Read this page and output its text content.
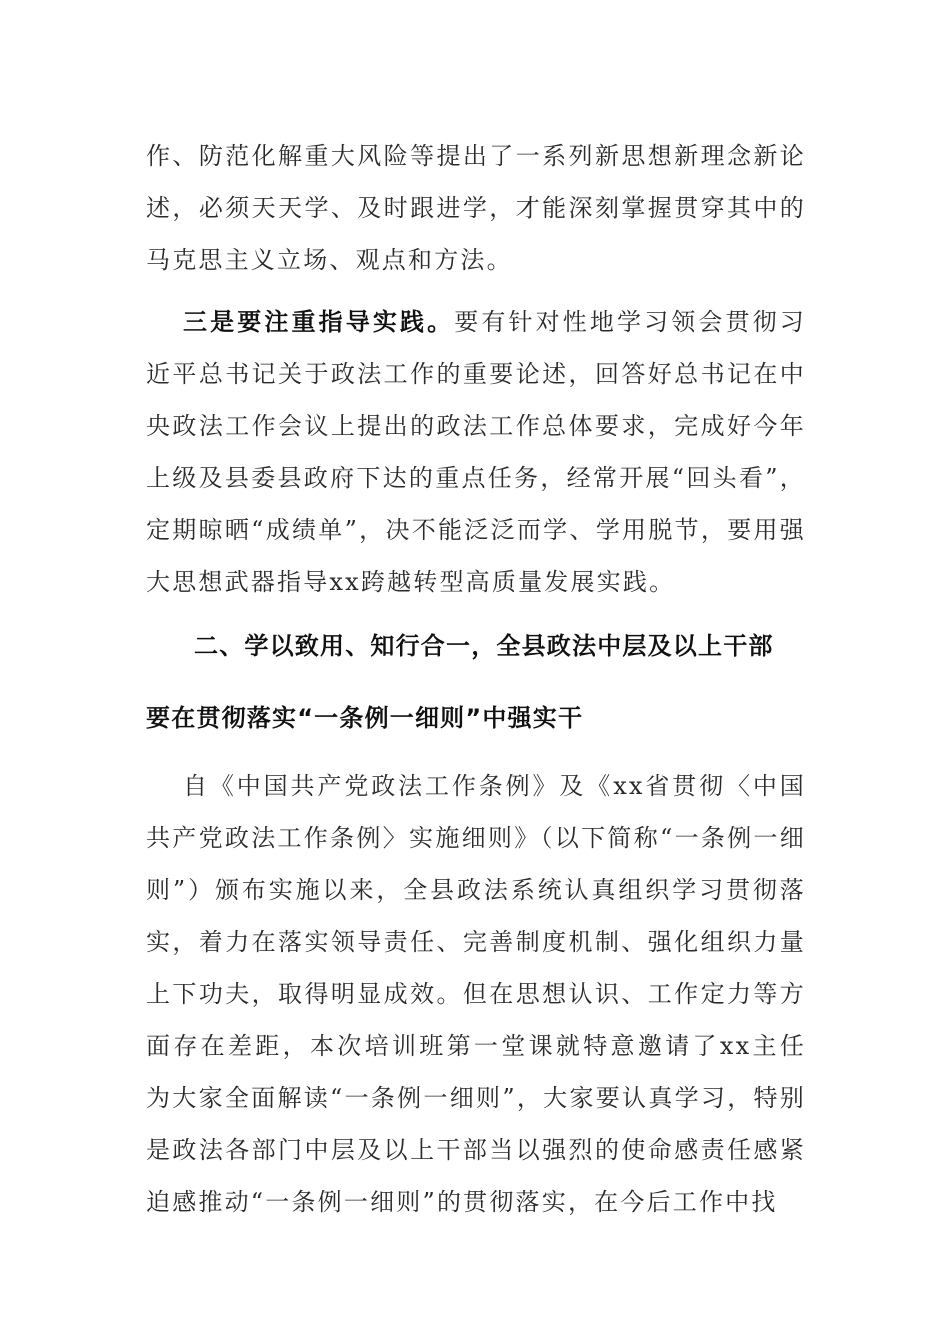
作、防范化解重大风险等提出了一系列新思想新理念新论述，必须天天学、及时跟进学，才能深刻掌握贯穿其中的马克思主义立场、观点和方法。

三是要注重指导实践。要有针对性地学习领会贯彻习近平总书记关于政法工作的重要论述，回答好总书记在中央政法工作会议上提出的政法工作总体要求，完成好今年上级及县委县政府下达的重点任务，经常开展“回头看”，定期晾晒“成绩单”，决不能泛泛而学、学用脱节，要用强大思想武器指导xx跨越转型高质量发展实践。

二、学以致用、知行合一，全县政法中层及以上干部

要在贯彻落实“一条例一细则”中强实干

自《中国共产党政法工作条例》及《xx省贯彻〈中国共产党政法工作条例〉实施细则》（以下简称“一条例一细则”）颁布实施以来，全县政法系统认真组织学习贯彻落实，着力在落实领导责任、完善制度机制、强化组织力量上下功夫，取得明显成效。但在思想认识、工作定力等方面存在差距，本次培训班第一堂课就特意邀请了xx主任为大家全面解读“一条例一细则”，大家要认真学习，特别是政法各部门中层及以上干部当以强烈的使命感责任感紧迫感推动“一条例一细则”的贯彻落实，在今后工作中找
